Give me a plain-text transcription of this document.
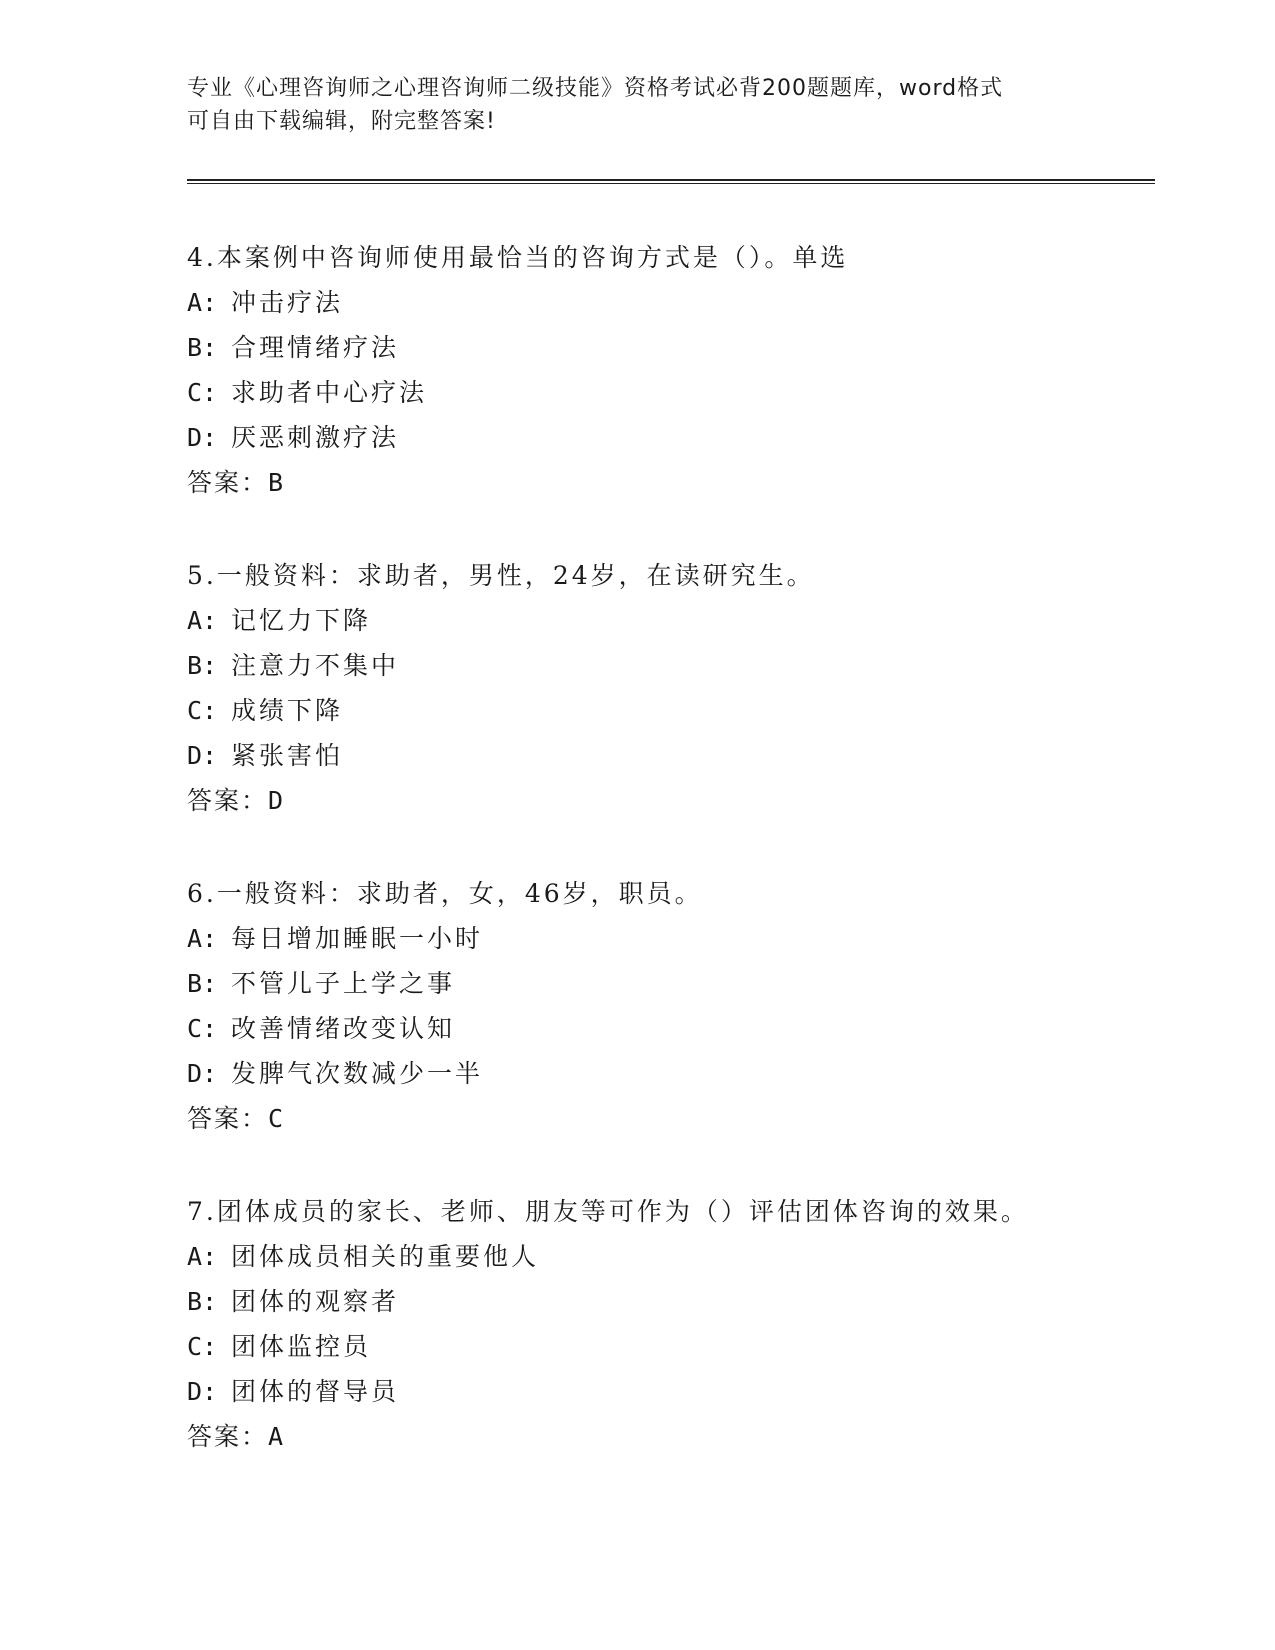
专业《心理咨询师之心理咨询师二级技能》资格考试必背200题题库，word格式
可自由下载编辑，附完整答案!
4.本案例中咨询师使用最恰当的咨询方式是（）。单选
A: 冲击疗法
B: 合理情绪疗法
C: 求助者中心疗法
D: 厌恶刺激疗法
答案：B
5.一般资料：求助者，男性，24岁，在读研究生。
A: 记忆力下降
B: 注意力不集中
C: 成绩下降
D: 紧张害怕
答案：D
6.一般资料：求助者，女，46岁，职员。
A: 每日增加睡眠一小时
B: 不管儿子上学之事
C: 改善情绪改变认知
D: 发脾气次数减少一半
答案：C
7.团体成员的家长、老师、朋友等可作为（）评估团体咨询的效果。
A: 团体成员相关的重要他人
B: 团体的观察者
C: 团体监控员
D: 团体的督导员
答案：A
